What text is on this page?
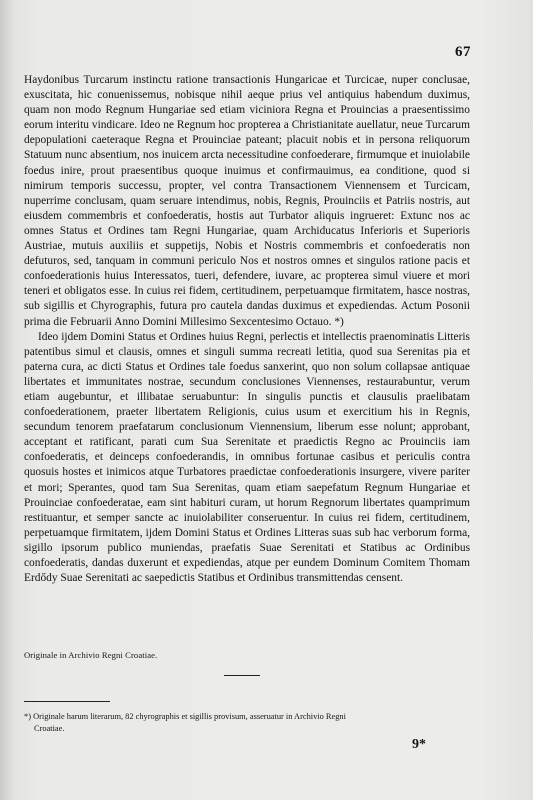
67

Haydonibus Turcarum instinctu ratione transactionis Hungaricae et Turcicae, nuper conclusae, exuscitata, hic conuenissemus, nobisque nihil aeque prius vel antiquius habendum duximus, quam non modo Regnum Hungariae sed etiam viciniora Regna et Prouincias a praesentissimo eorum interitu vindicare. Ideo ne Regnum hoc propterea a Christianitate auellatur, neue Turcarum depopulationi caeteraque Regna et Prouinciae pateant; placuit nobis et in persona reliquorum Statuum nunc absentium, nos inuicem arcta necessitudine confoederare, firmumque et inuiolabile foedus inire, prout praesentibus quoque inuimus et confirmauimus, ea conditione, quod si nimirum temporis successu, propter, vel contra Transactionem Viennensem et Turcicam, nuperrime conclusam, quam seruare intendimus, nobis, Regnis, Prouinciis et Patriis nostris, aut eiusdem commembris et confoederatis, hostis aut Turbator aliquis ingrueret: Extunc nos ac omnes Status et Ordines tam Regni Hungariae, quam Archiducatus Inferioris et Superioris Austriae, mutuis auxiliis et suppetijs, Nobis et Nostris commembris et confoederatis non defuturos, sed, tanquam in communi periculo Nos et nostros omnes et singulos ratione pacis et confoederationis huius Interessatos, tueri, defendere, iuvare, ac propterea simul viuere et mori teneri et obligatos esse. In cuius rei fidem, certitudinem, perpetuamque firmitatem, hasce nostras, sub sigillis et Chyrographis, futura pro cautela dandas duximus et expediendas. Actum Posonii prima die Februarii Anno Domini Millesimo Sexcentesimo Octauo. *)

Ideo ijdem Domini Status et Ordines huius Regni, perlectis et intellectis praenominatis Litteris patentibus simul et clausis, omnes et singuli summa recreati letitia, quod sua Serenitas pia et paterna cura, ac dicti Status et Ordines tale foedus sanxerint, quo non solum collapsae antiquae libertates et immunitates nostrae, secundum conclusiones Viennenses, restaurabuntur, verum etiam augebuntur, et illibatae seruabuntur: In singulis punctis et clausulis praelibatam confoederationem, praeter libertatem Religionis, cuius usum et exercitium his in Regnis, secundum tenorem praefatarum conclusionum Viennensium, liberum esse nolunt; approbant, acceptant et ratificant, parati cum Sua Serenitate et praedictis Regno ac Prouinciis iam confoederatis, et deinceps confoederandis, in omnibus fortunae casibus et periculis contra quosuis hostes et inimicos atque Turbatores praedictae confoederationis insurgere, vivere pariter et mori; Sperantes, quod tam Sua Serenitas, quam etiam saepefatum Regnum Hungariae et Prouinciae confoederatae, eam sint habituri curam, ut horum Regnorum libertates quamprimum restituantur, et semper sancte ac inuiolabiliter conseruentur. In cuius rei fidem, certitudinem, perpetuamque firmitatem, ijdem Domini Status et Ordines Litteras suas sub hac verborum forma, sigillo ipsorum publico muniendas, praefatis Suae Serenitati et Statibus ac Ordinibus confoederatis, dandas duxerunt et expediendas, atque per eundem Dominum Comitem Thomam Erdődy Suae Serenitati ac saepedictis Statibus et Ordinibus transmittendas censent.

Originale in Archivio Regni Croatiae.
*) Originale harum literarum, 82 chyrographis et sigillis provisum, asseruatur in Archivio Regni
Croatiae.
9*
